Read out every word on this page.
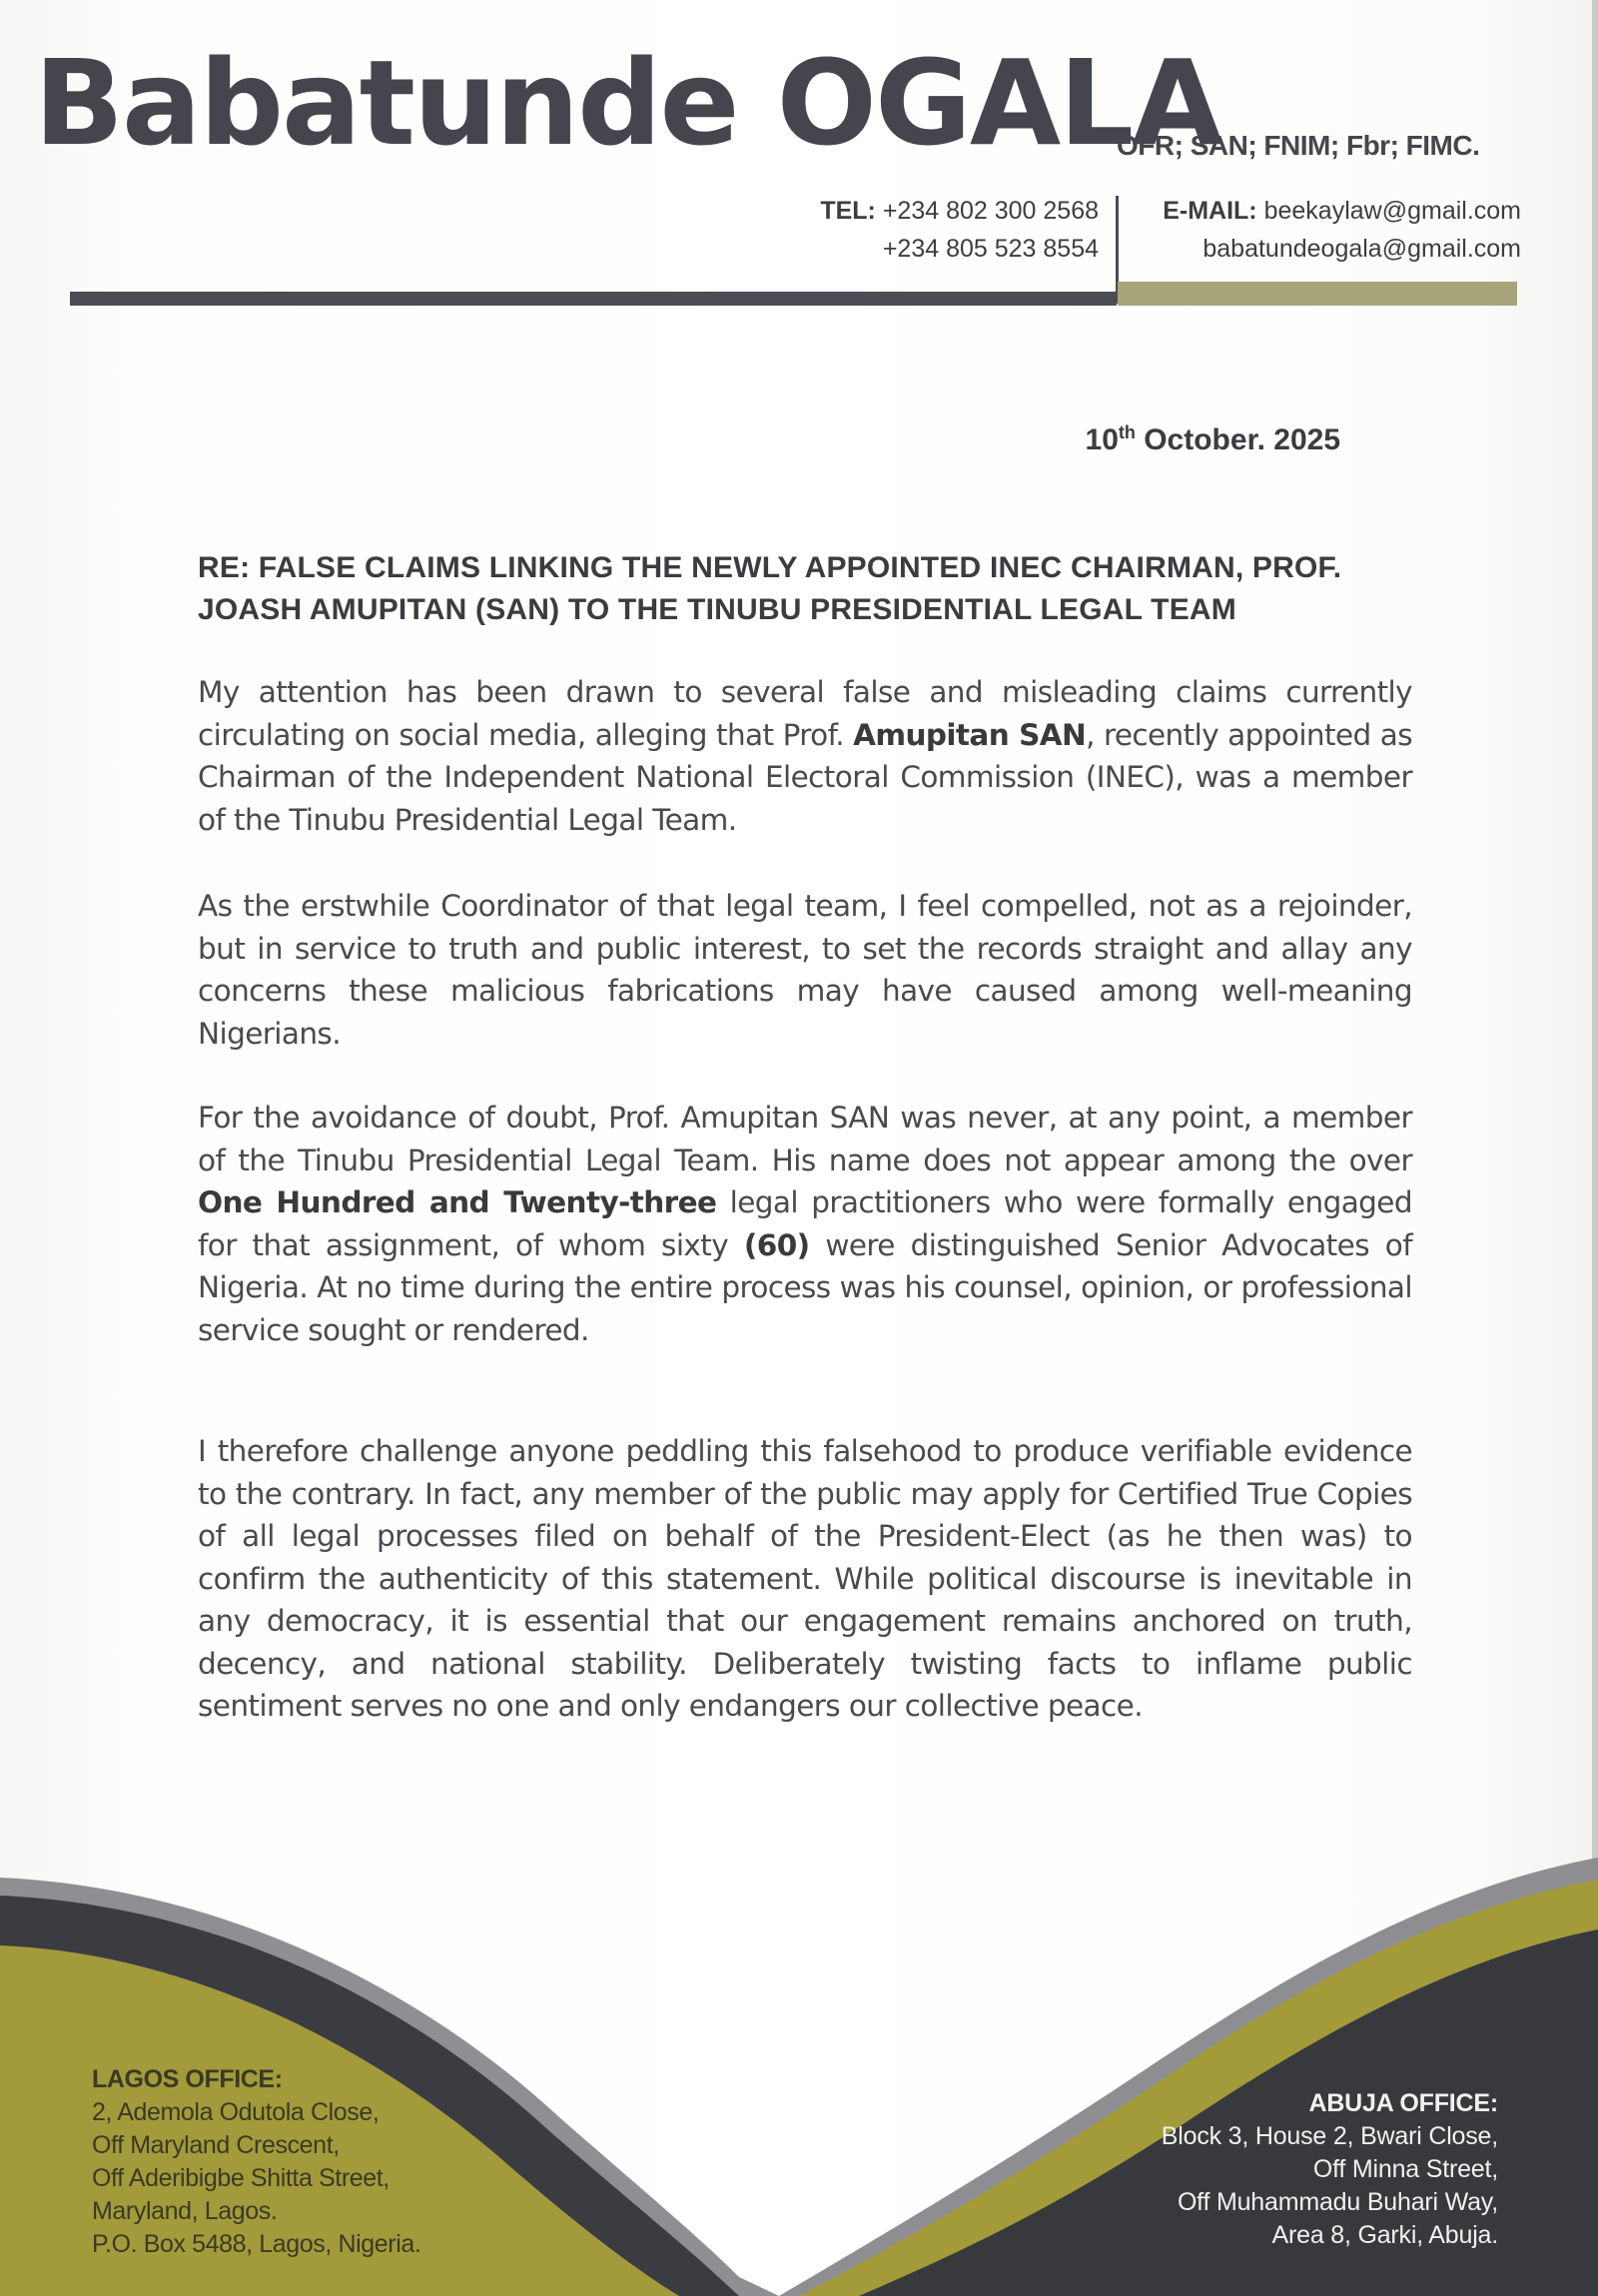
Babatunde OGALA
OFR; SAN; FNIM; Fbr; FIMC.
TEL: +234 802 300 2568
+234 805 523 8554
E-MAIL: beekaylaw@gmail.com
babatundeogala@gmail.com
10th October. 2025
RE: FALSE CLAIMS LINKING THE NEWLY APPOINTED INEC CHAIRMAN, PROF.
JOASH AMUPITAN (SAN) TO THE TINUBU PRESIDENTIAL LEGAL TEAM
My attention has been drawn to several false and misleading claims currently circulating on social media, alleging that Prof. Amupitan SAN, recently appointed as Chairman of the Independent National Electoral Commission (INEC), was a member of the Tinubu Presidential Legal Team.
As the erstwhile Coordinator of that legal team, I feel compelled, not as a rejoinder, but in service to truth and public interest, to set the records straight and allay any concerns these malicious fabrications may have caused among well-meaning Nigerians.
For the avoidance of doubt, Prof. Amupitan SAN was never, at any point, a member of the Tinubu Presidential Legal Team. His name does not appear among the over One Hundred and Twenty-three legal practitioners who were formally engaged for that assignment, of whom sixty (60) were distinguished Senior Advocates of Nigeria. At no time during the entire process was his counsel, opinion, or professional service sought or rendered.
I therefore challenge anyone peddling this falsehood to produce verifiable evidence to the contrary. In fact, any member of the public may apply for Certified True Copies of all legal processes filed on behalf of the President-Elect (as he then was) to confirm the authenticity of this statement. While political discourse is inevitable in any democracy, it is essential that our engagement remains anchored on truth, decency, and national stability. Deliberately twisting facts to inflame public sentiment serves no one and only endangers our collective peace.
LAGOS OFFICE:
2, Ademola Odutola Close,
Off Maryland Crescent,
Off Aderibigbe Shitta Street,
Maryland, Lagos.
P.O. Box 5488, Lagos, Nigeria.
ABUJA OFFICE:
Block 3, House 2, Bwari Close,
Off Minna Street,
Off Muhammadu Buhari Way,
Area 8, Garki, Abuja.
